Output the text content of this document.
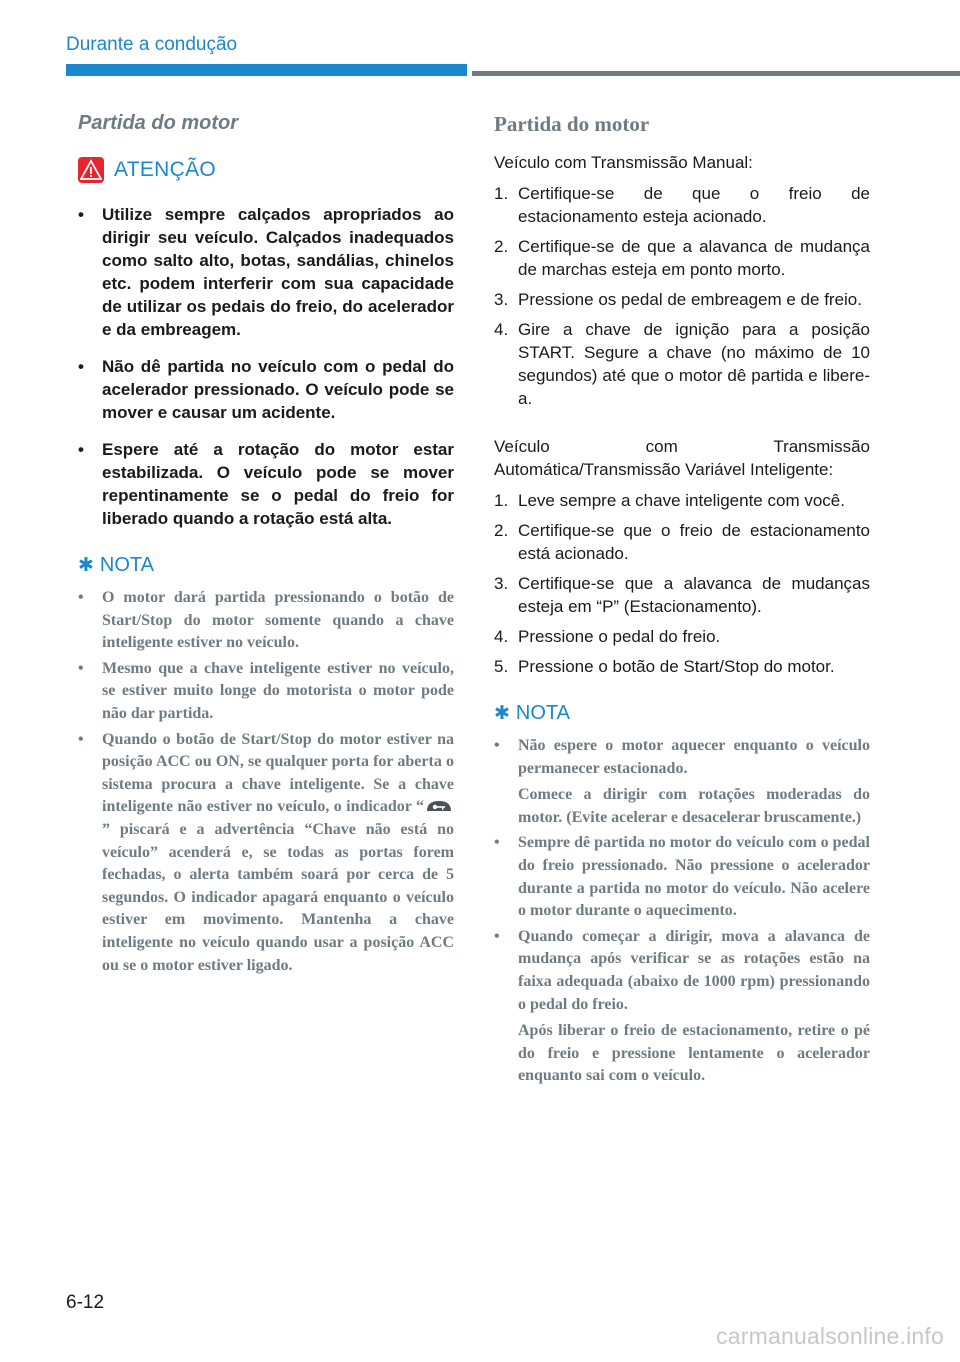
Durante a condução
Partida do motor
ATENÇÃO
• Utilize sempre calçados apropriados ao dirigir seu veículo. Calçados inadequados como salto alto, botas, sandálias, chinelos etc. podem interferir com sua capacidade de utilizar os pedais do freio, do acelerador e da embreagem.
• Não dê partida no veículo com o pedal do acelerador pressionado. O veículo pode se mover e causar um acidente.
• Espere até a rotação do motor estar estabilizada. O veículo pode se mover repentinamente se o pedal do freio for liberado quando a rotação está alta.
✱ NOTA
• O motor dará partida pressionando o botão de Start/Stop do motor somente quando a chave inteligente estiver no veículo.
• Mesmo que a chave inteligente estiver no veículo, se estiver muito longe do motorista o motor pode não dar partida.
• Quando o botão de Start/Stop do motor estiver na posição ACC ou ON, se qualquer porta for aberta o sistema procura a chave inteligente. Se a chave inteligente não estiver no veículo, o indicador “” piscará e a advertência “Chave não está no veículo” acenderá e, se todas as portas forem fechadas, o alerta também soará por cerca de 5 segundos. O indicador apagará enquanto o veículo estiver em movimento. Mantenha a chave inteligente no veículo quando usar a posição ACC ou se o motor estiver ligado.
Partida do motor

Veículo com Transmissão Manual:

1. Certifique-se de que o freio de estacionamento esteja acionado.
2. Certifique-se de que a alavanca de mudança de marchas esteja em ponto morto.
3. Pressione os pedal de embreagem e de freio.
4. Gire a chave de ignição para a posição START. Segure a chave (no máximo de 10 segundos) até que o motor dê partida e libere-a.

Veículo com Transmissão Automática/Transmissão Variável Inteligente:

1. Leve sempre a chave inteligente com você.
2. Certifique-se que o freio de estacionamento está acionado.
3. Certifique-se que a alavanca de mudanças esteja em “P” (Estacionamento).
4. Pressione o pedal do freio.
5. Pressione o botão de Start/Stop do motor.
✱ NOTA
• Não espere o motor aquecer enquanto o veículo permanecer estacionado.
Comece a dirigir com rotações moderadas do motor. (Evite acelerar e desacelerar bruscamente.)
• Sempre dê partida no motor do veículo com o pedal do freio pressionado. Não pressione o acelerador durante a partida no motor do veículo. Não acelere o motor durante o aquecimento.
• Quando começar a dirigir, mova a alavanca de mudança após verificar se as rotações estão na faixa adequada (abaixo de 1000 rpm) pressionando o pedal do freio.
Após liberar o freio de estacionamento, retire o pé do freio e pressione lentamente o acelerador enquanto sai com o veículo.
6-12
carmanualsonline.info
